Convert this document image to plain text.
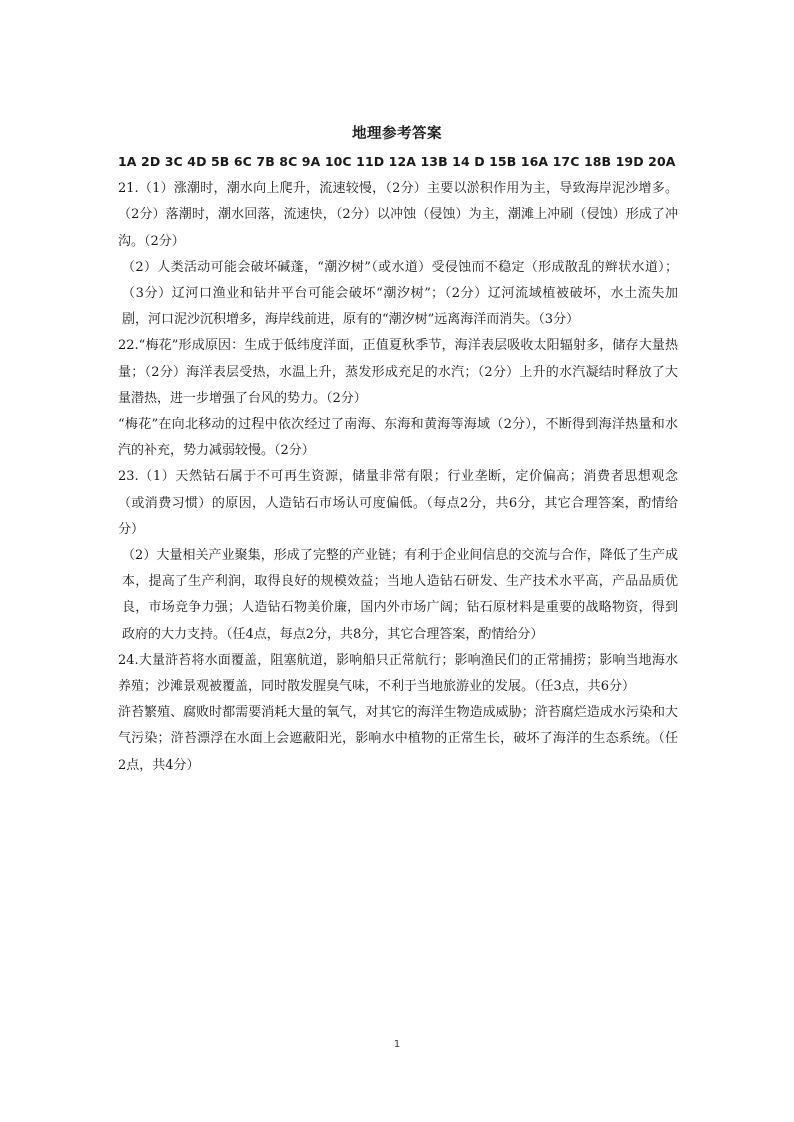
地理参考答案

1A 2D 3C 4D 5B 6C 7B 8C 9A 10C 11D 12A 13B 14 D 15B 16A 17C 18B 19D 20A

21.（1）涨潮时，潮水向上爬升，流速较慢，（2分）主要以淤积作用为主，导致海岸泥沙增多。（2分）落潮时，潮水回落，流速快，（2分）以冲蚀（侵蚀）为主，潮滩上冲刷（侵蚀）形成了冲沟。（2分）

（2）人类活动可能会破坏碱蓬，“潮汐树”（或水道）受侵蚀而不稳定（形成散乱的辫状水道）；（3分）辽河口渔业和钻井平台可能会破坏“潮汐树”；（2分）辽河流域植被破坏，水土流失加剧，河口泥沙沉积增多，海岸线前进，原有的“潮汐树”远离海洋而消失。（3分）

22.“梅花”形成原因：生成于低纬度洋面，正值夏秋季节，海洋表层吸收太阳辐射多，储存大量热量；（2分）海洋表层受热，水温上升，蒸发形成充足的水汽；（2分）上升的水汽凝结时释放了大量潜热，进一步增强了台风的势力。（2分）

“梅花”在向北移动的过程中依次经过了南海、东海和黄海等海域（2分），不断得到海洋热量和水汽的补充，势力减弱较慢。（2分）

23.（1）天然钻石属于不可再生资源，储量非常有限；行业垄断，定价偏高；消费者思想观念（或消费习惯）的原因，人造钻石市场认可度偏低。（每点2分，共6分，其它合理答案，酌情给分）

（2）大量相关产业聚集，形成了完整的产业链；有利于企业间信息的交流与合作，降低了生产成本，提高了生产利润，取得良好的规模效益；当地人造钻石研发、生产技术水平高，产品品质优良，市场竞争力强；人造钻石物美价廉，国内外市场广阔；钻石原材料是重要的战略物资，得到政府的大力支持。（任4点，每点2分，共8分，其它合理答案，酌情给分）

24.大量浒苔将水面覆盖，阻塞航道，影响船只正常航行；影响渔民们的正常捕捞；影响当地海水养殖；沙滩景观被覆盖，同时散发腥臭气味，不利于当地旅游业的发展。（任3点，共6分）

浒苔繁殖、腐败时都需要消耗大量的氧气，对其它的海洋生物造成威胁；浒苔腐烂造成水污染和大气污染；浒苔漂浮在水面上会遮蔽阳光，影响水中植物的正常生长，破坏了海洋的生态系统。（任2点，共4分）

1
